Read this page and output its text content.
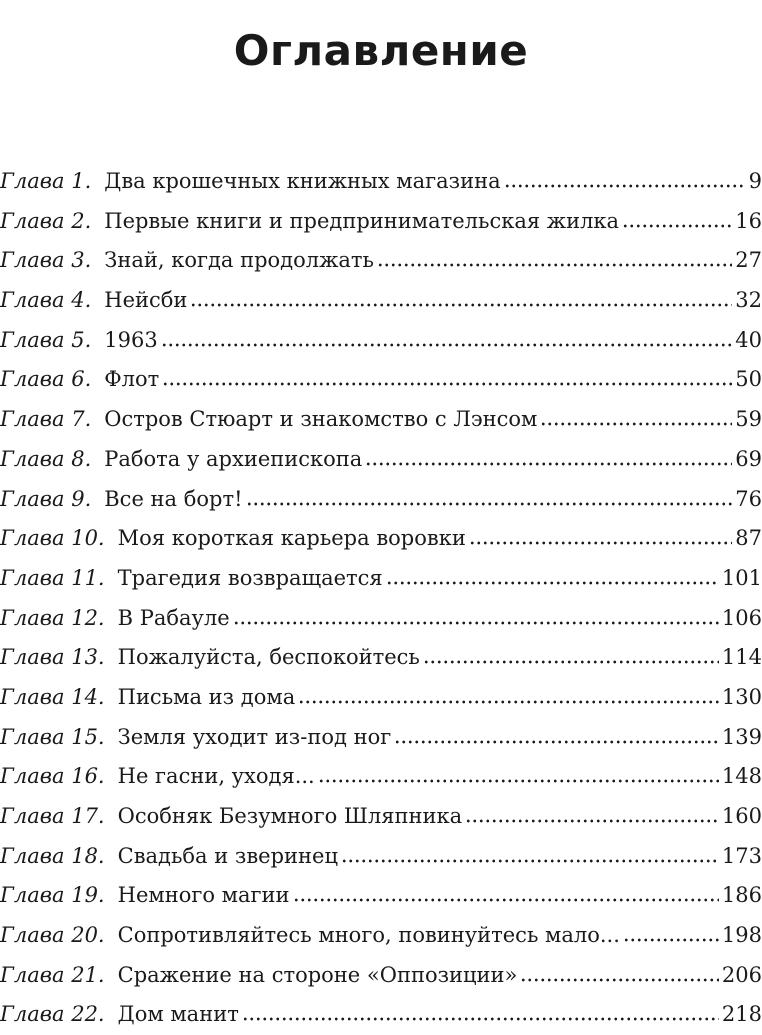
Оглавление
Глава 1. Два крошечных книжных магазина	9
Глава 2. Первые книги и предпринимательская жилка	16
Глава 3. Знай, когда продолжать	27
Глава 4. Нейсби	32
Глава 5. 1963	40
Глава 6. Флот	50
Глава 7. Остров Стюарт и знакомство с Лэнсом	59
Глава 8. Работа у архиепископа	69
Глава 9. Все на борт!	76
Глава 10. Моя короткая карьера воровки	87
Глава 11. Трагедия возвращается	101
Глава 12. В Рабауле	106
Глава 13. Пожалуйста, беспокойтесь	114
Глава 14. Письма из дома	130
Глава 15. Земля уходит из-под ног	139
Глава 16. Не гасни, уходя...	148
Глава 17. Особняк Безумного Шляпника	160
Глава 18. Свадьба и зверинец	173
Глава 19. Немного магии	186
Глава 20. Сопротивляйтесь много, повинуйтесь мало...	198
Глава 21. Сражение на стороне «Оппозиции»	206
Глава 22. Дом манит	218
